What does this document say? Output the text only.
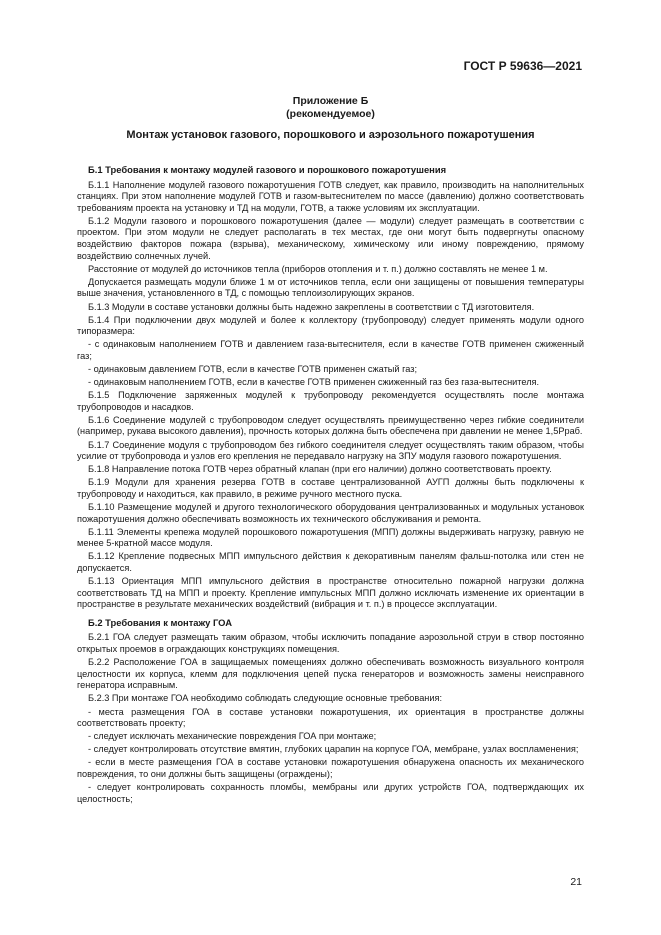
ГОСТ Р 59636—2021
Приложение Б
(рекомендуемое)
Монтаж установок газового, порошкового и аэрозольного пожаротушения
Б.1 Требования к монтажу модулей газового и порошкового пожаротушения

Б.1.1 Наполнение модулей газового пожаротушения ГОТВ следует, как правило, производить на наполнительных станциях. При этом наполнение модулей ГОТВ и газом-вытеснителем по массе (давлению) должно соответствовать требованиям проекта на установку и ТД на модули, ГОТВ, а также условиям их эксплуатации.

Б.1.2 Модули газового и порошкового пожаротушения (далее — модули) следует размещать в соответствии с проектом. При этом модули не следует располагать в тех местах, где они могут быть подвергнуты опасному воздействию факторов пожара (взрыва), механическому, химическому или иному повреждению, прямому воздействию солнечных лучей.

Расстояние от модулей до источников тепла (приборов отопления и т. п.) должно составлять не менее 1 м.

Допускается размещать модули ближе 1 м от источников тепла, если они защищены от повышения температуры выше значения, установленного в ТД, с помощью теплоизолирующих экранов.

Б.1.3 Модули в составе установки должны быть надежно закреплены в соответствии с ТД изготовителя.

Б.1.4 При подключении двух модулей и более к коллектору (трубопроводу) следует применять модули одного типоразмера:

- с одинаковым наполнением ГОТВ и давлением газа-вытеснителя, если в качестве ГОТВ применен сжиженный газ;

- одинаковым давлением ГОТВ, если в качестве ГОТВ применен сжатый газ;

- одинаковым наполнением ГОТВ, если в качестве ГОТВ применен сжиженный газ без газа-вытеснителя.

Б.1.5 Подключение заряженных модулей к трубопроводу рекомендуется осуществлять после монтажа трубопроводов и насадков.

Б.1.6 Соединение модулей с трубопроводом следует осуществлять преимущественно через гибкие соединители (например, рукава высокого давления), прочность которых должна быть обеспечена при давлении не менее 1,5Pраб.

Б.1.7 Соединение модуля с трубопроводом без гибкого соединителя следует осуществлять таким образом, чтобы усилие от трубопровода и узлов его крепления не передавало нагрузку на ЗПУ модуля газового пожаротушения.

Б.1.8 Направление потока ГОТВ через обратный клапан (при его наличии) должно соответствовать проекту.

Б.1.9 Модули для хранения резерва ГОТВ в составе централизованной АУГП должны быть подключены к трубопроводу и находиться, как правило, в режиме ручного местного пуска.

Б.1.10 Размещение модулей и другого технологического оборудования централизованных и модульных установок пожаротушения должно обеспечивать возможность их технического обслуживания и ремонта.

Б.1.11 Элементы крепежа модулей порошкового пожаротушения (МПП) должны выдерживать нагрузку, равную не менее 5-кратной массе модуля.

Б.1.12 Крепление подвесных МПП импульсного действия к декоративным панелям фальш-потолка или стен не допускается.

Б.1.13 Ориентация МПП импульсного действия в пространстве относительно пожарной нагрузки должна соответствовать ТД на МПП и проекту. Крепление импульсных МПП должно исключать изменение их ориентации в пространстве в результате механических воздействий (вибрация и т. п.) в процессе эксплуатации.

Б.2 Требования к монтажу ГОА

Б.2.1 ГОА следует размещать таким образом, чтобы исключить попадание аэрозольной струи в створ постоянно открытых проемов в ограждающих конструкциях помещения.

Б.2.2 Расположение ГОА в защищаемых помещениях должно обеспечивать возможность визуального контроля целостности их корпуса, клемм для подключения цепей пуска генераторов и возможность замены неисправного генератора исправным.

Б.2.3 При монтаже ГОА необходимо соблюдать следующие основные требования:

- места размещения ГОА в составе установки пожаротушения, их ориентация в пространстве должны соответствовать проекту;

- следует исключать механические повреждения ГОА при монтаже;

- следует контролировать отсутствие вмятин, глубоких царапин на корпусе ГОА, мембране, узлах воспламенения;

- если в месте размещения ГОА в составе установки пожаротушения обнаружена опасность их механического повреждения, то они должны быть защищены (ограждены);

- следует контролировать сохранность пломбы, мембраны или других устройств ГОА, подтверждающих их целостность;

21
